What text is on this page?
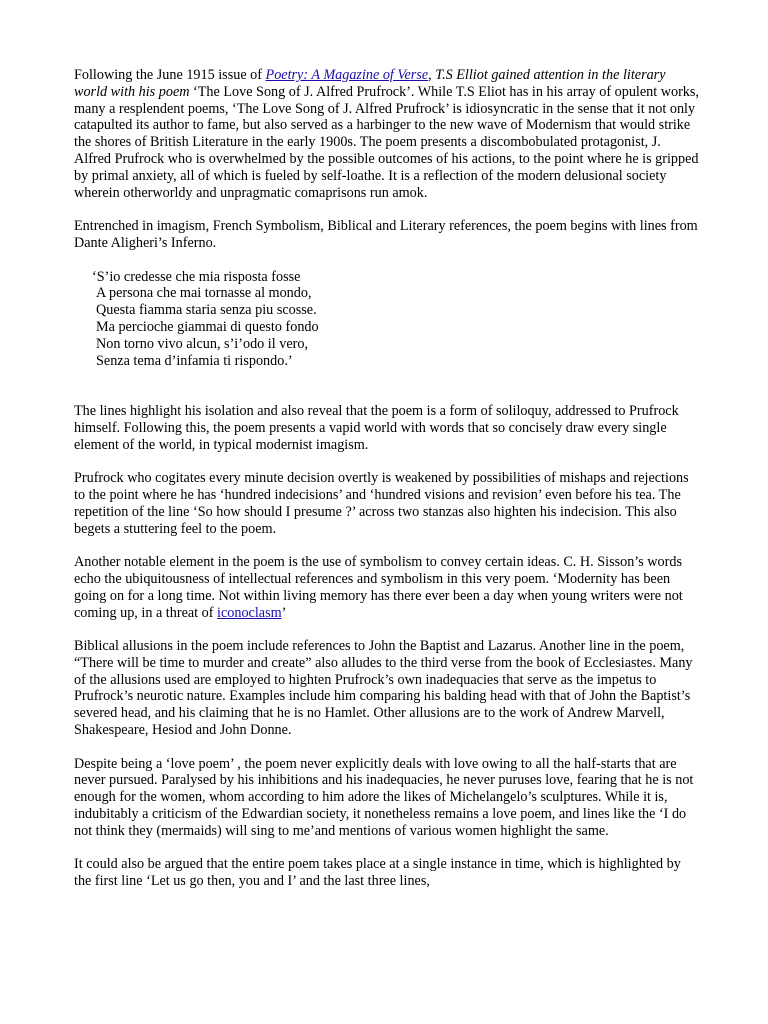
Following the June 1915 issue of Poetry: A Magazine of Verse, T.S Elliot gained attention in the literary world with his poem ‘The Love Song of J. Alfred Prufrock’. While T.S Eliot has in his array of opulent works, many a resplendent poems, ‘The Love Song of J. Alfred Prufrock’ is idiosyncratic in the sense that it not only catapulted its author to fame, but also served as a harbinger to the new wave of Modernism that would strike the shores of British Literature in the early 1900s. The poem presents a discombobulated protagonist, J. Alfred Prufrock who is overwhelmed by the possible outcomes of his actions, to the point where he is gripped by primal anxiety, all of which is fueled by self-loathe. It is a reflection of the modern delusional society wherein otherworldy and unpragmatic comaprisons run amok.

Entrenched in imagism, French Symbolism, Biblical and Literary references, the poem begins with lines from Dante Aligheri’s Inferno.

‘S’io credesse che mia risposta fosse
A persona che mai tornasse al mondo,
Questa fiamma staria senza piu scosse.
Ma percioche giammai di questo fondo
Non torno vivo alcun, s’i’odo il vero,
Senza tema d’infamia ti rispondo.’

The lines highlight his isolation and also reveal that the poem is a form of soliloquy, addressed to Prufrock himself. Following this, the poem presents a vapid world with words that so concisely draw every single element of the world, in typical modernist imagism.

Prufrock who cogitates every minute decision overtly is weakened by possibilities of mishaps and rejections to the point where he has ‘hundred indecisions’ and ‘hundred visions and revision’ even before his tea. The repetition of the line ‘So how should I presume ?’ across two stanzas also highten his indecision. This also begets a stuttering feel to the poem.

Another notable element in the poem is the use of symbolism to convey certain ideas. C. H. Sisson’s words echo the ubiquitousness of intellectual references and symbolism in this very poem. ‘Modernity has been going on for a long time. Not within living memory has there ever been a day when young writers were not coming up, in a threat of iconoclasm’

Biblical allusions in the poem include references to John the Baptist and Lazarus. Another line in the poem, “There will be time to murder and create” also alludes to the third verse from the book of Ecclesiastes. Many of the allusions used are employed to highten Prufrock’s own inadequacies that serve as the impetus to Prufrock’s neurotic nature. Examples include him comparing his balding head with that of John the Baptist’s severed head, and his claiming that he is no Hamlet. Other allusions are to the work of Andrew Marvell, Shakespeare, Hesiod and John Donne.

Despite being a ‘love poem’ , the poem never explicitly deals with love owing to all the half-starts that are never pursued. Paralysed by his inhibitions and his inadequacies, he never puruses love, fearing that he is not enough for the women, whom according to him adore the likes of Michelangelo’s sculptures. While it is, indubitably a criticism of the Edwardian society, it nonetheless remains a love poem, and lines like the ‘I do not think they (mermaids) will sing to me’and mentions of various women highlight the same.

It could also be argued that the entire poem takes place at a single instance in time, which is highlighted by the first line ‘Let us go then, you and I’ and the last three lines,
